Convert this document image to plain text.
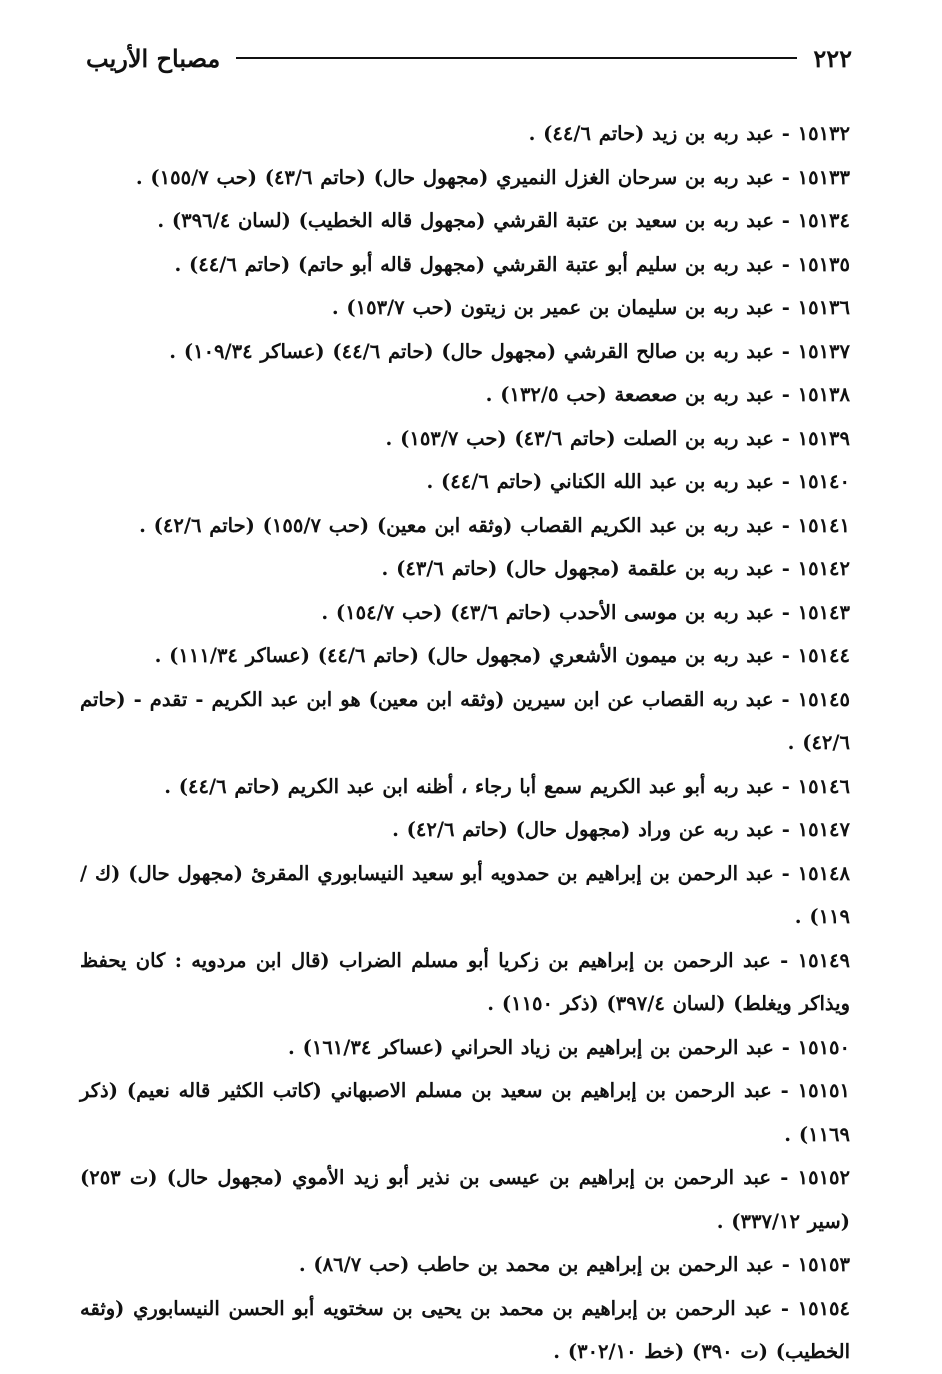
٢٢٢
مصباح الأريب
١٥١٣٢ - عبد ربه بن زيد (حاتم ٤٤/٦) .
١٥١٣٣ - عبد ربه بن سرحان الغزل النميري (مجهول حال) (حاتم ٤٣/٦) (حب ١٥٥/٧) .
١٥١٣٤ - عبد ربه بن سعيد بن عتبة القرشي (مجهول قاله الخطيب) (لسان ٣٩٦/٤) .
١٥١٣٥ - عبد ربه بن سليم أبو عتبة القرشي (مجهول قاله أبو حاتم) (حاتم ٤٤/٦) .
١٥١٣٦ - عبد ربه بن سليمان بن عمير بن زيتون (حب ١٥٣/٧) .
١٥١٣٧ - عبد ربه بن صالح القرشي (مجهول حال) (حاتم ٤٤/٦) (عساكر ١٠٩/٣٤) .
١٥١٣٨ - عبد ربه بن صعصعة (حب ١٣٢/٥) .
١٥١٣٩ - عبد ربه بن الصلت (حاتم ٤٣/٦) (حب ١٥٣/٧) .
١٥١٤٠ - عبد ربه بن عبد الله الكناني (حاتم ٤٤/٦) .
١٥١٤١ - عبد ربه بن عبد الكريم القصاب (وثقه ابن معين) (حب ١٥٥/٧) (حاتم ٤٢/٦) .
١٥١٤٢ - عبد ربه بن علقمة (مجهول حال) (حاتم ٤٣/٦) .
١٥١٤٣ - عبد ربه بن موسى الأحدب (حاتم ٤٣/٦) (حب ١٥٤/٧) .
١٥١٤٤ - عبد ربه بن ميمون الأشعري (مجهول حال) (حاتم ٤٤/٦) (عساكر ١١١/٣٤) .
١٥١٤٥ - عبد ربه القصاب عن ابن سيرين (وثقه ابن معين) هو ابن عبد الكريم - تقدم - (حاتم ٤٢/٦) .
١٥١٤٦ - عبد ربه أبو عبد الكريم سمع أبا رجاء ، أظنه ابن عبد الكريم (حاتم ٤٤/٦) .
١٥١٤٧ - عبد ربه عن وراد (مجهول حال) (حاتم ٤٢/٦) .
١٥١٤٨ - عبد الرحمن بن إبراهيم بن حمدويه أبو سعيد النيسابوري المقرئ (مجهول حال) (ك / ١١٩) .
١٥١٤٩ - عبد الرحمن بن إبراهيم بن زكريا أبو مسلم الضراب (قال ابن مردويه : كان يحفظ ويذاكر ويغلط) (لسان ٣٩٧/٤) (ذكر ١١٥٠) .
١٥١٥٠ - عبد الرحمن بن إبراهيم بن زياد الحراني (عساكر ١٦١/٣٤) .
١٥١٥١ - عبد الرحمن بن إبراهيم بن سعيد بن مسلم الاصبهاني (كاتب الكثير قاله نعيم) (ذكر ١١٦٩) .
١٥١٥٢ - عبد الرحمن بن إبراهيم بن عيسى بن نذير أبو زيد الأموي (مجهول حال) (ت ٢٥٣) (سير ٣٣٧/١٢) .
١٥١٥٣ - عبد الرحمن بن إبراهيم بن محمد بن حاطب (حب ٨٦/٧) .
١٥١٥٤ - عبد الرحمن بن إبراهيم بن محمد بن يحيى بن سختويه أبو الحسن النيسابوري (وثقه الخطيب) (ت ٣٩٠) (خط ٣٠٢/١٠) .
